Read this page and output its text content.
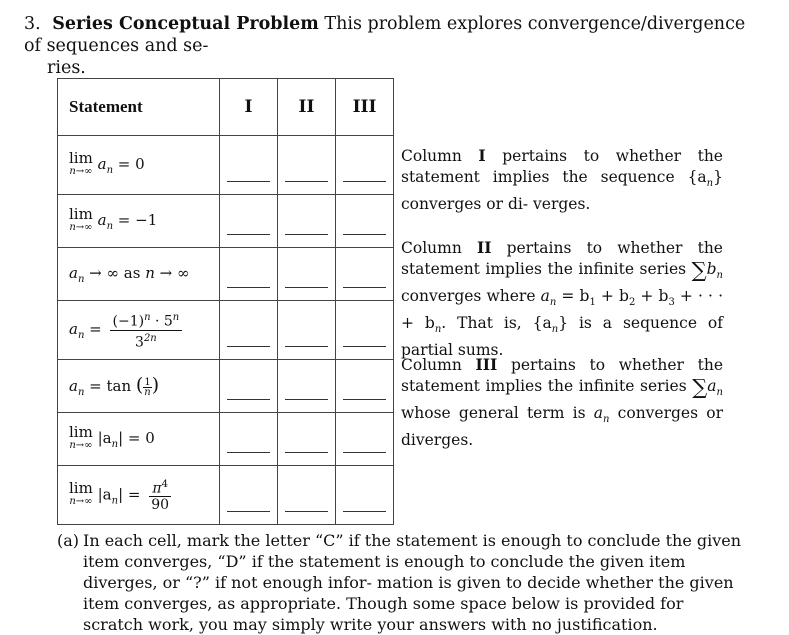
3. Series Conceptual Problem This problem explores convergence/divergence of sequences and se-
ries.
Statement	I	II	III

lim
n→∞ $a_n = 0$	

lim
n→∞ $a_n = -1$	

$a_n$ → ∞ as n → ∞	

$a_n = \frac{(-1)^n \cdot 5^n}{3^{2n}}$

$a_n = \tan$ ( $\frac{1}{n}$ )	

lim
n→∞ $|a_n| = 0$	

lim
n→∞ $|a_n| = \frac{\pi^4}{90}$

Column I pertains to whether the statement implies the sequence $\{a_n\}$ converges or di- verges.
Column II pertains to whether the statement implies the infinite series $\sum b_n$ converges where $a_n = b_1 + b_2 + b_3$ + · · · + $b_n$. That is, $\{a_n\}$ is a sequence of partial sums.
Column III pertains to whether the statement implies the infinite series $\sum a_n$ whose general term is $a_n$ converges or diverges.
(a) In each cell, mark the letter “C” if the statement is enough to conclude the given item converges, “D” if the statement is enough to conclude the given item diverges, or “?” if not enough infor- mation is given to decide whether the given item converges, as appropriate. Though some space below is provided for scratch work, you may simply write your answers with no justification.
